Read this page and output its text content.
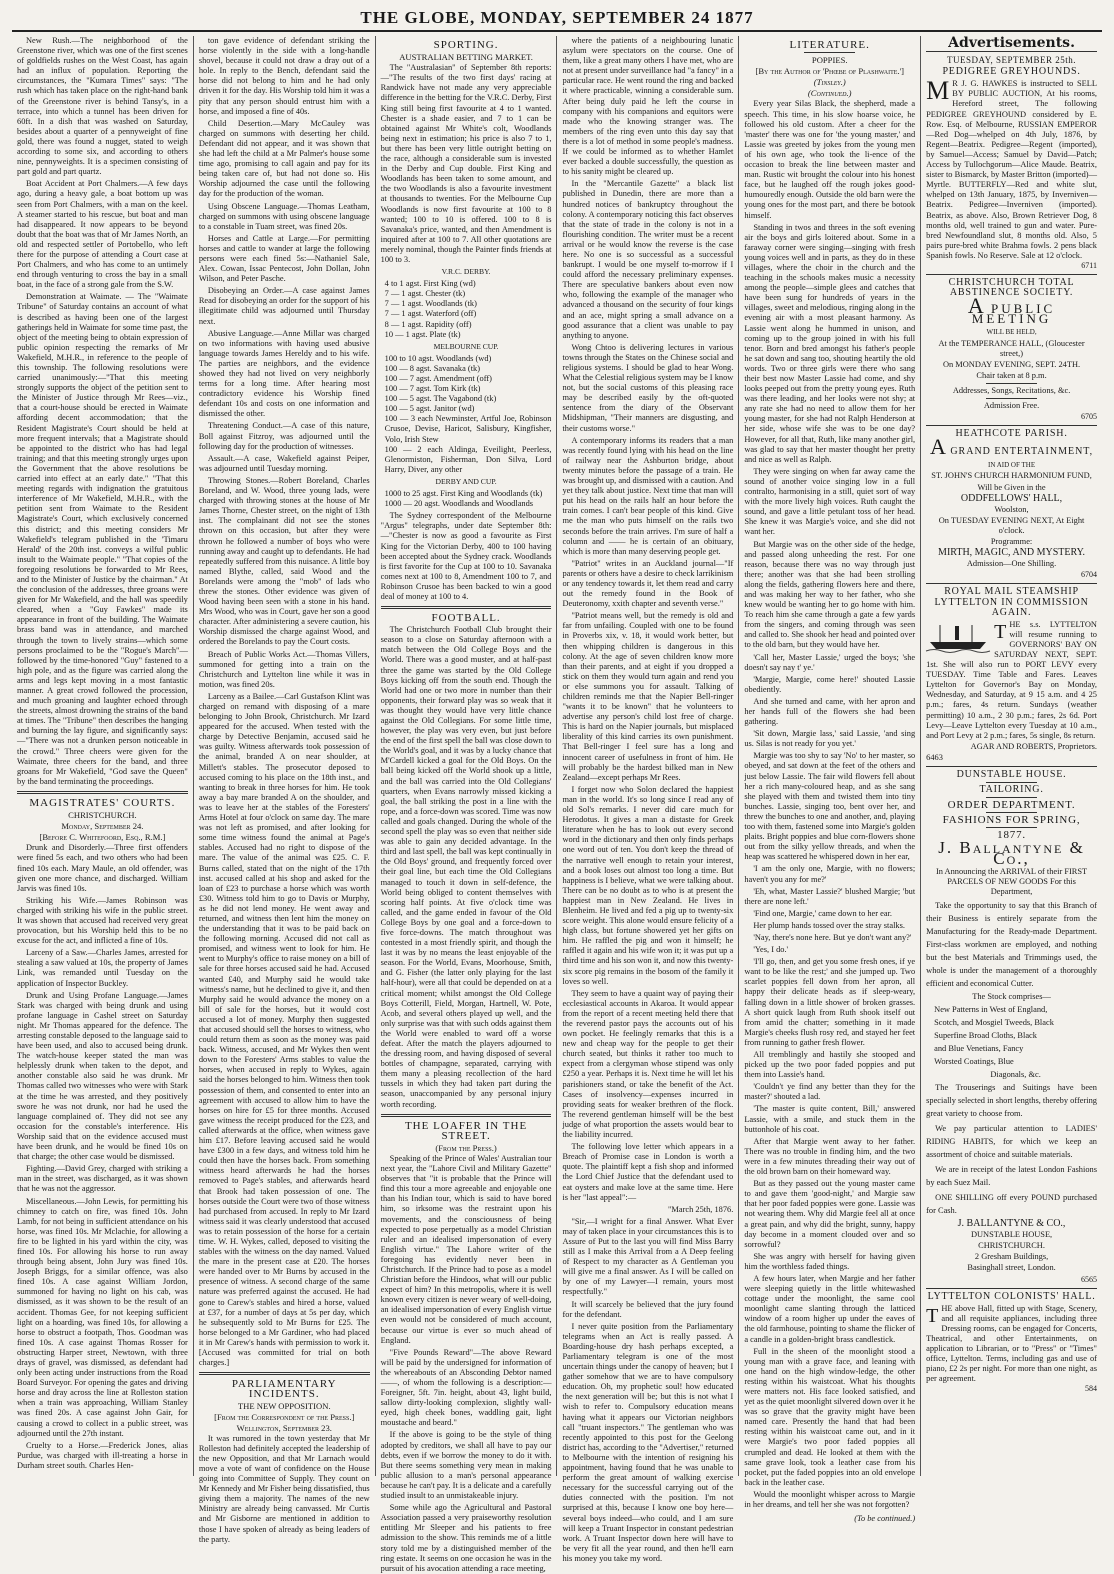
THE GLOBE, MONDAY, SEPTEMBER 24 1877

New Rush.—The neighborhood of the Greenstone river, which was one of the first scenes of goldfields rushes on the West Coast, has again had an influx of population. Reporting the circumstances, the "Kumara Times" says: "The rush which has taken place on the right-hand bank of the Greenstone river is behind Tansy's, in a terrace, into which a tunnel has been driven for 60ft. In a dish that was washed on Saturday, besides about a quarter of a pennyweight of fine gold, there was found a nugget, stated to weigh according to some six, and according to others nine, pennyweights. It is a specimen consisting of part gold and part quartz.

Boat Accident at Port Chalmers.—A few days ago, during a heavy gale, a boat bottom up was seen from Port Chalmers, with a man on the keel. A steamer started to his rescue, but boat and man had disappeared. It now appears to be beyond doubt that the boat was that of Mr James North, an old and respected settler of Portobello, who left there for the purpose of attending a Court case at Port Chalmers, and who has come to an untimely end through venturing to cross the bay in a small boat, in the face of a strong gale from the S.W.

Demonstration at Waimate. — The "Waimate Tribune" of Saturday contains an account of what is described as having been one of the largest gatherings held in Waimate for some time past, the object of the meeting being to obtain expression of public opinion respecting the remarks of Mr Wakefield, M.H.R., in reference to the people of this township. The following resolutions were carried unanimously:—"That this meeting strongly supports the object of the petition sent to the Minister of Justice through Mr Rees—viz., that a court-house should be erected in Waimate affording decent accommodation; that the Resident Magistrate's Court should be held at more frequent intervals; that a Magistrate should be appointed to the district who has had legal training; and that this meeting strongly urges upon the Government that the above resolutions be carried into effect at an early date." "That this meeting regards with indignation the gratuitous interference of Mr Wakefield, M.H.R., with the petition sent from Waimate to the Resident Magistrate's Court, which exclusively concerned this district; and this meeting considers Mr Wakefield's telegram published in the 'Timaru Herald' of the 20th inst. conveys a wilful public insult to the Waimate people." "That copies of the foregoing resolutions be forwarded to Mr Rees, and to the Minister of Justice by the chairman." At the conclusion of the addresses, three groans were given for Mr Wakefield, and the hall was speedily cleared, when a "Guy Fawkes" made its appearance in front of the building. The Waimate brass band was in attendance, and marched through the town to lively strains—which some persons proclaimed to be the "Rogue's March"—followed by the time-honored "Guy" fastened to a high pole, and as the figure was carried along the arms and legs kept moving in a most fantastic manner. A great crowd followed the procession, and much groaning and laughter echoed through the streets, almost drowning the strains of the band at times. The "Tribune" then describes the hanging and burning the lay figure, and significantly says:—"There was not a drunken person noticeable in the crowd." Three cheers were given for the Waimate, three cheers for the band, and three groans for Mr Wakefield, "God save the Queen" by the band terminating the proceedings.

MAGISTRATES' COURTS.
CHRISTCHURCH.
Monday, September 24.
[Before C. Whitefoord, Esq., R.M.]

Drunk and Disorderly.—Three first offenders were fined 5s each, and two others who had been fined 10s each. Mary Maule, an old offender, was given one more chance, and discharged. William Jarvis was fined 10s.

Striking his Wife.—James Robinson was charged with striking his wife in the public street. It was shown that accused had received very great provocation, but his Worship held this to be no excuse for the act, and inflicted a fine of 10s.

Larceny of a Saw.—Charles James, arrested for stealing a saw valued at 10s, the property of James Link, was remanded until Tuesday on the application of Inspector Buckley.

Drunk and Using Profane Language.—James Stark was charged with being drunk and using profane language in Cashel street on Saturday night. Mr Thomas appeared for the defence. The arresting constable deposed to the language said to have been used, and also to accused being drunk. The watch-house keeper stated the man was helplessly drunk when taken to the depot, and another constable also said he was drunk. Mr Thomas called two witnesses who were with Stark at the time he was arrested, and they positively swore he was not drunk, nor had he used the language complained of. They did not see any occasion for the constable's interference. His Worship said that on the evidence accused must have been drunk, and he would be fined 10s on that charge; the other case would be dismissed.

Fighting.—David Grey, charged with striking a man in the street, was discharged, as it was shown that he was not the aggressor.

Miscellaneous.—John Lewis, for permitting his chimney to catch on fire, was fined 10s. John Lamb, for not being in sufficient attendance on his horse, was fined 10s. Mr Mclachie, for allowing a fire to be lighted in his yard within the city, was fined 10s. For allowing his horse to run away through being absent, John Jury was fined 10s. Joseph Briggs, for a similar offence, was also fined 10s. A case against William Jordon, summoned for having no light on his cab, was dismissed, as it was shown to be the result of an accident. Thomas Gee, for not keeping sufficient light on a hoarding, was fined 10s, for allowing a horse to obstruct a footpath, Thos. Goodman was fined 10s. A case against Thomas Rosser for obstructing Harper street, Newtown, with three drays of gravel, was dismissed, as defendant had only been acting under instructions from the Road Board Surveyor. For opening the gates and driving horse and dray across the line at Rolleston station when a train was approaching, William Stanley was fined 20s. A case against John Gair, for causing a crowd to collect in a public street, was adjourned until the 27th instant.

Cruelty to a Horse.—Frederick Jones, alias Purdue, was charged with ill-treating a horse in Durham street south. Charles Hen-

ton gave evidence of defendant striking the horse violently in the side with a long-handle shovel, because it could not draw a dray out of a hole. In reply to the Bench, defendant said the horse did not belong to him and he had only driven it for the day. His Worship told him it was a pity that any person should entrust him with a horse, and imposed a fine of 40s.

Child Desertion.—Mary McCauley was charged on summons with deserting her child. Defendant did not appear, and it was shown that she had left the child at a Mr Palmer's house some time ago, promising to call again and pay for its being taken care of, but had not done so. His Worship adjourned the case until the following day for the production of the woman.

Using Obscene Language.—Thomas Leatham, charged on summons with using obscene language to a constable in Tuam street, was fined 20s.

Horses and Cattle at Large.—For permitting horses and cattle to wander at large the following persons were each fined 5s:—Nathaniel Sale, Alex. Cowan, Issac Pentecost, John Dollan, John Wilson, and Peter Pasche.

Disobeying an Order.—A case against James Read for disobeying an order for the support of his illegitimate child was adjourned until Thursday next.

Abusive Language.—Anne Millar was charged on two informations with having used abusive language towards James Hereldy and to his wife. The parties are neighbors, and the evidence showed they had not lived on very neighborly terms for a long time. After hearing most contradictory evidence his Worship fined defendant 10s and costs on one information and dismissed the other.

Threatening Conduct.—A case of this nature, Boll against Fitzroy, was adjourned until the following day for the production of witnesses.

Assault.—A case, Wakefield against Peiper, was adjourned until Tuesday morning.

Throwing Stones.—Robert Boreland, Charles Boreland, and W. Wood, three young lads, were charged with throwing stones at the house of Mr James Thorne, Chester street, on the night of 13th inst. The complainant did not see the stones thrown on this occasion, but after they were thrown he followed a number of boys who were running away and caught up to defendants. He had repeatedly suffered from this nuisance. A little boy named Blythe, called, said Wood and the Borelands were among the "mob" of lads who threw the stones. Other evidence was given of Wood having been seen with a stone in his hand. Mrs Wood, who was in Court, gave her son a good character. After administering a severe caution, his Worship dismissed the charge against Wood, and ordered the Borelands to pay the Court costs.

Breach of Public Works Act.—Thomas Villers, summoned for getting into a train on the Christchurch and Lyttelton line while it was in motion, was fined 20s.

Larceny as a Bailee.—Carl Gustafson Klint was charged on remand with disposing of a mare belonging to John Brook, Christchurch. Mr Izard appeared for the accused. When tested with the charge by Detective Benjamin, accused said he was guilty. Witness afterwards took possession of the animal, branded A on near shoulder, at Millett's stables. The prosecutor deposed to accused coming to his place on the 18th inst., and wanting to break in three horses for him. He took away a bay mare branded A on the shoulder, and was to leave her at the stables of the Foresters' Arms Hotel at four o'clock on same day. The mare was not left as promised, and after looking for some time witness found the animal at Page's stables. Accused had no right to dispose of the mare. The value of the animal was £25. C. F. Burns called, stated that on the night of the 17th inst. accused called at his shop and asked for the loan of £23 to purchase a horse which was worth £30. Witness told him to go to Davis or Murphy, as he did not lend money. He went away and returned, and witness then lent him the money on the understanding that it was to be paid back on the following morning. Accused did not call as promised, and witness went to look for him. He went to Murphy's office to raise money on a bill of sale for three horses accused said he had. Accused wanted £40, and Murphy said he would take witness's name, but he declined to give it, and then Murphy said he would advance the money on a bill of sale for the horses, but it would cost accused a lot of money. Murphy then suggested that accused should sell the horses to witness, who could return them as soon as the money was paid back. Witness, accused, and Mr Wykes then went down to the Foresters' Arms stables to value the horses, when accused in reply to Wykes, again said the horses belonged to him. Witness then took possession of them, and consented to enter into an agreement with accused to allow him to have the horses on hire for £5 for three months. Accused gave witness the receipt produced for the £23, and called afterwards at the office, when witness gave him £17. Before leaving accused said he would have £300 in a few days, and witness told him he could then have the horses back. From something witness heard afterwards he had the horses removed to Page's stables, and afterwards heard that Brook had taken possession of one. The horses outside the Court were two of those witness had purchased from accused. In reply to Mr Izard witness said it was clearly understood that accused was to retain possession of the horse for a certain time. W. H. Wykes, called, deposed to visiting the stables with the witness on the day named. Valued the mare in the present case at £20. The horses were handed over to Mr Burns by accused in the presence of witness. A second charge of the same nature was preferred against the accused. He had gone to Carew's stables and hired a horse, valued at £37, for a number of days at 5s per day, which he subsequently sold to Mr Burns for £25. The horse belonged to a Mr Gardiner, who had placed it in Mr Carew's hands with permission to work it. [Accused was committed for trial on both charges.]

PARLIAMENTARY INCIDENTS.
THE NEW OPPOSITION.
[From the Correspondent of the Press.] Wellington, September 23.

It was rumored in the town yesterday that Mr Rolleston had definitely accepted the leadership of the new Opposition, and that Mr Larnach would move a vote of want of confidence on the House going into Committee of Supply. They count on Mr Kennedy and Mr Fisher being dissatisfied, thus giving them a majority. The names of the new Ministry are already being canvassed. Mr Curtis and Mr Gisborne are mentioned in addition to those I have spoken of already as being leaders of the party.

SPORTING.
AUSTRALIAN BETTING MARKET.

The "Australasian" of September 8th reports:—"The results of the two first days' racing at Randwick have not made any very appreciable difference in the betting for the V.R.C. Derby, First King still being first favourite at 4 to 1 wanted. Chester is a shade easier, and 7 to 1 can be obtained against Mr White's colt, Woodlands being next in estimation; his price is also 7 to 1, but there has been very little outright betting on the race, although a considerable sum is invested in the Derby and Cup double. First King and Woodlands has been taken to some amount, and the two Woodlands is also a favourite investment at thousands to twenties. For the Melbourne Cup Woodlands is now first favourite at 100 to 8 wanted; 100 to 10 is offered. 100 to 8 is Savanaka's price, wanted, and then Amendment is inquired after at 100 to 7. All other quotations are merely nominal, though the Painter finds friends at 100 to 3.

V.R.C. DERBY.
4 to 1 agst. First King (wd)
7 — 1 agst. Chester (tk)
7 — 1 agst. Woodlands (tk)
7 — 1 agst. Waterford (off)
8 — 1 agst. Rapidity (off)
10 — 1 agst. Plate (tk)
MELBOURNE CUP.
100 to 10 agst. Woodlands (wd)
100 — 8 agst. Savanaka (tk)
100 — 7 agst. Amendment (off)
100 — 7 agst. Tom Kirk (tk)
100 — 5 agst. The Vagabond (tk)
100 — 5 agst. Janitor (wd)
100 — 3 each Newminster, Artful Joe, Robinson Crusoe, Devise, Haricot, Salisbury, Kingfisher, Volo, Irish Stew
100 — 2 each Aldinga, Eveilight, Peerless, Glenormiston, Fisherman, Don Silva, Lord Harry, Diver, any other
DERBY AND CUP.
1000 to 25 agst. First King and Woodlands (tk)
1000 — 20 agst. Woodlands and Woodlands

The Sydney correspondent of the Melbourne "Argus" telegraphs, under date September 8th:—"Chester is now as good a favourite as First King for the Victorian Derby, 400 to 100 having been accepted about the Sydney crack. Woodlands is first favorite for the Cup at 100 to 10. Savanaka comes next at 100 to 8, Amendment 100 to 7, and Robinson Crusoe has been backed to win a good deal of money at 100 to 4.

FOOTBALL.

The Christchurch Football Club brought their season to a close on Saturday afternoon with a match between the Old College Boys and the World. There was a good muster, and at half-past three the game was started by the Old College Boys kicking off from the south end. Though the World had one or two more in number than their opponents, their forward play was so weak that it was thought they would have very little chance against the Old Collegians. For some little time, however, the play was very even, but just before the end of the first spell the ball was close down to the World's goal, and it was by a lucky chance that M'Cardell kicked a goal for the Old Boys. On the ball being kicked off the World shook up a little, and the ball was carried into the Old Collegians' quarters, when Evans narrowly missed kicking a goal, the ball striking the post in a line with the rope, and a force-down was scored. Time was now called and goals changed. During the whole of the second spell the play was so even that neither side was able to gain any decided advantage. In the third and last spell, the ball was kept continually in the Old Boys' ground, and frequently forced over their goal line, but each time the Old Collegians managed to touch it down in self-defence, the World being obliged to content themselves with scoring half points. At five o'clock time was called, and the game ended in favour of the Old College Boys by one goal and a force-down to five force-downs. The match throughout was contested in a most friendly spirit, and though the last it was by no means the least enjoyable of the season. For the World, Evans, Moorhouse, Smith, and G. Fisher (the latter only playing for the last half-hour), were all that could be depended on at a critical moment; whilst amongst the Old College Boys Cotterill, Field, Morgan, Hartnell, W. Pote, Acob, and several others played up well, and the only surprise was that with such odds against them the World were enabled to ward off a worse defeat. After the match the players adjourned to the dressing room, and having disposed of several bottles of champagne, separated, carrying with them many a pleasing recollection of the hard tussels in which they had taken part during the season, unaccompanied by any personal injury worth recording.

THE LOAFER IN THE STREET.
(From the Press.)

Speaking of the Prince of Wales' Australian tour next year, the "Lahore Civil and Military Gazette" observes that "it is probable that the Prince will find this tour a more agreeable and enjoyable one than his Indian tour, which is said to have bored him, so irksome was the restraint upon his movements, and the consciousness of being expected to pose perpetually as a model Christian ruler and an idealised impersonation of every English virtue." The Lahore writer of the foregoing has evidently never been in Christchurch. If the Prince had to pose as a model Christian before the Hindoos, what will our public expect of him? In this metropolis, where it is well known every citizen is never weary of well-doing, an idealised impersonation of every English virtue even would not be considered of much account, because our virtue is ever so much ahead of England.

"Five Pounds Reward"—The above Reward will be paid by the undersigned for information of the whereabouts of an Absconding Debtor named ——, of whom the following is a description:—Foreigner, 5ft. 7in. height, about 43, light build, sallow dirty-looking complexion, slightly wall-eyed, high cheek bones, waddling gait, light moustache and beard."

If the above is going to be the style of thing adopted by creditors, we shall all have to pay our debts, even if we borrow the money to do it with. But there seems something very mean in making public allusion to a man's personal appearance because he can't pay. It is a delicate and a carefully studied insult to an unmistakeable injury.

Some while ago the Agricultural and Pastoral Association passed a very praiseworthy resolution entitling Mr Sleeper and his patients to free admission to the show. This reminds me of a little story told me by a distinguished member of the ring estate. It seems on one occasion he was in the pursuit of his avocation attending a race meeting,

where the patients of a neighbouring lunatic asylum were spectators on the course. One of them, like a great many others I have met, who are not at present under surveillance had "a fancy" in a particular race. He went round the ring and backed it where practicable, winning a considerable sum. After being duly paid he left the course in company with his companions and equitors were made who the knowing stranger was. The members of the ring even unto this day say that there is a lot of method in some people's madness. If we could be informed as to whether Hamlet ever backed a double successfully, the question as to his sanity might be cleared up.

In the "Mercantile Gazette" a black list published in Dunedin, there are more than a hundred notices of bankruptcy throughout the colony. A contemporary noticing this fact observes that the state of trade in the colony is not in a flourishing condition. The writer must be a recent arrival or he would know the reverse is the case here. No one is so successful as a successful bankrupt. I would be one myself to-morrow if I could afford the necessary preliminary expenses. There are speculative bankers about even now who, following the example of the manager who advanced a thousand on the security of four kings and an ace, might spring a small advance on a good assurance that a client was unable to pay anything to anyone.

Wong Chtoo is delivering lectures in various towns through the States on the Chinese social and religious systems. I should be glad to hear Wong. What the Celestial religious system may be I know not, but the social customs of this pleasing race may be described easily by the oft-quoted sentence from the diary of the Observant Midshipman, "Their manners are disgusting, and their customs worse."

A contemporary informs its readers that a man was recently found lying with his head on the line of railway near the Ashburton bridge, about twenty minutes before the passage of a train. He was brought up, and dismissed with a caution. And yet they talk about justice. Next time that man will put his head on the rails half an hour before the train comes. I can't bear people of this kind. Give me the man who puts himself on the rails two seconds before the train arrives. I'm sure of half a column and —— he is certain of an obituary, which is more than many deserving people get.

"Patriot" writes in an Auckland journal—"If parents or others have a desire to check larrikinism or any tendency towards it, let them read and carry out the remedy found in the Book of Deuteronomy, xxith chapter and seventh verse."

"Patriot means well, but the remedy is old and far from unfailing. Coupled with one to be found in Proverbs xix, v. 18, it would work better, but then whipping children is dangerous in this colony. At the age of seven children know more than their parents, and at eight if you dropped a stick on them they would turn again and rend you or else summons you for assault. Talking of children reminds me that the Napier Bell-ringer "wants it to be known" that he volunteers to advertise any person's child lost free of charge. This is hard on the Napier journals, but misplaced liberality of this kind carries its own punishment. That Bell-ringer I feel sure has a long and innocent career of usefulness in front of him. He will probably be the hardest bilked man in New Zealand—except perhaps Mr Rees.

I forget now who Solon declared the happiest man in the world. It's so long since I read any of old Sol's remarks. I never did care much for Herodotus. It gives a man a distaste for Greek literature when he has to look out every second word in the dictionary and then only finds perhaps one word out of ten. You don't keep the thread of the narrative well enough to retain your interest, and a book loses out almost too long a time. But happiness is I believe, what we were talking about. There can be no doubt as to who is at present the happiest man in New Zealand. He lives in Blenheim. He lived and fed a pig up to twenty-six score weight. This alone would ensure felicity of a high class, but fortune showered yet her gifts on him. He raffled the pig and won it himself; he raffled it again and his wife won it; it was put up a third time and his son won it, and now this twenty-six score pig remains in the bosom of the family it loves so well.

They seem to have a quaint way of paying their ecclesiastical accounts in Akaroa. It would appear from the report of a recent meeting held there that the reverend pastor pays the accounts out of his own pocket. He feelingly remarks that this is a new and cheap way for the people to get their church seated, but thinks it rather too much to expect from a clergyman whose stipend was only £250 a year. Perhaps it is. Next time he will let his parishioners stand, or take the benefit of the Act. Cases of insolvency—expenses incurred in providing seats for weaker brethren of the flock. The reverend gentleman himself will be the best judge of what proportion the assets would bear to the liability incurred.

The following love letter which appears in a Breach of Promise case in London is worth a quote. The plaintiff kept a fish shop and informed the Lord Chief Justice that the defendant used to eat oysters and make love at the same time. Here is her "last appeal":—

"March 25th, 1876.

"Sir,—I wright for a final Answer. What Ever may of taken place in your circumstances this is to Assure of Put to the last you will find Miss Barry still as I make this Arrival from a A Deep feeling of Respect to my character as A Gentleman you will give me a final answer. As I will be called on by one of my Lawyer—I remain, yours most respectfully."

It will scarcely be believed that the jury found for the defendant.

I never quite position from the Parliamentary telegrams when an Act is really passed. A Boarding-house dry hash perhaps excepted, a Parliamentary telegram is one of the most uncertain things under the canopy of heaven; but I gather somehow that we are to have compulsory education. Oh, my prophetic soul! how educated the next generation will be; but this is not what I wish to refer to. Compulsory education means having what it appears our Victorian neighbors call "truant inspectors." The gentleman who was recently appointed to this post for the Geelong district has, according to the "Advertiser," returned to Melbourne with the intention of resigning his appointment, having found that he was unable to perform the great amount of walking exercise necessary for the successful carrying out of the duties connected with the position. I'm not surprised at this, because I know one boy here—several boys indeed—who could, and I am sure will keep a Truant Inspector in constant pedestrian work. A Truant Inspector down here will have to be very fit all the year round, and then he'll earn his money you take my word.

LITERATURE.
POPPIES.
[By the Author of 'Phœbe of Plashwaite.']
(Tinsley.)
(Continued.)

Every year Silas Black, the shepherd, made a speech. This time, in his slow hoarse voice, he followed his old custom. After a cheer for the 'master' there was one for 'the young master,' and Lassie was greeted by jokes from the young men of his own age, who took the li-ence of the occasion to break the line between master and man. Rustic wit brought the colour into his honest face, but he laughed off the rough jokes good-humouredly enough. Outside the old barn were the young ones for the most part, and there be botook himself.

Standing in twos and threes in the soft evening air the boys and girls loitered about. Some in a faraway corner were singing—singing with fresh young voices well and in parts, as they do in these villages, where the choir in the church and the teaching in the schools makes music a necessity among the people—simple glees and catches that have been sung for hundreds of years in the villages, sweet and melodious, ringing along in the evening air with a most pleasant harmony. As Lassie went along he hummed in unison, and coming up to the group joined in with his full tenor. Born and bred amongst his father's people he sat down and sang too, shouting heartily the old words. Two or three girls were there who sang their best now Master Lassie had come, and shy looks peeped out from the pretty young eyes. Ruth was there leading, and her looks were not shy; at any rate she had no need to allow them for her young master, for she had not Ralph Henderson at her side, whose wife she was to be one day? However, for all that, Ruth, like many another girl, was glad to say that her master thought her pretty and nice as well as Ralph.

They were singing on when far away came the sound of another voice singing low in a full contralto, harmonising in a still, quiet sort of way with the more lively high voices. Ruth caught the sound, and gave a little petulant toss of her head. She knew it was Margie's voice, and she did not want her.

But Margie was on the other side of the hedge, and passed along unheeding the rest. For one reason, because there was no way through just there; another was that she had been strolling along the fields, gathering flowers here and there, and was making her way to her father, who she knew would be wanting her to go home with him. To reach him she came through a gate a few yards from the singers, and coming through was seen and called to. She shook her head and pointed over to the old barn, but they would have her.

'Call her, Master Lassie,' urged the boys; 'she doesn't say nay t' ye.'

'Margie, Margie, come here!' shouted Lassie obediently.

And she turned and came, with her apron and her hands full of the flowers she had been gathering.

'Sit down, Margie lass,' said Lassie, 'and sing us. Silas is not ready for you yet.'

Margie was too shy to say 'No' to her master, so obeyed, and sat down at the feet of the others and just below Lassie. The fair wild flowers fell about her a rich many-coloured heap, and as she sang she played with them and twisted them into tiny bunches. Lassie, singing too, bent over her, and threw the bunches to one and another, and, playing too with them, fastened some into Margie's golden plaits. Bright poppies and blue corn-flowers shone out from the silky yellow threads, and when the heap was scattered he whispered down in her ear,

'I am the only one, Margie, with no flowers; haven't you any for me?'

'Eh, what, Master Lassie?' blushed Margie; 'but there are none left.'

'Find one, Margie,' came down to her ear.

Her plump hands tossed over the stray stalks.

'Nay, there's none here. But ye don't want any?'

'Yes, I do.'

'I'll go, then, and get you some fresh ones, if ye want to be like the rest;' and she jumped up. Two scarlet poppies fell down from her apron, all happy their delicate heads as if sleep-weary, falling down in a little shower of broken grasses. A short quick laugh from Ruth shook itself out from amid the chatter; something in it made Margie's cheeks flush rosy red, and stayed her feet from running to gather fresh flower.

All tremblingly and hastily she stooped and picked up the two poor faded poppies and put them into Lassie's hand.

'Couldn't ye find any better than they for the master?' shouted a lad.

'The master is quite content, Bill,' answered Lassie, with a smile, and stuck them in the buttonhole of his coat.

After that Margie went away to her father. There was no trouble in finding him, and the two were in a few minutes threading their way out of the old brown barn on their homeward way.

But as they passed out the young master came to and gave them 'good-night,' and Margie saw that her poor faded poppies were gone. Lassie was not wearing them. Why did Margie feel all at once a great pain, and why did the bright, sunny, happy day become in a moment clouded over and so sorrowful?

She was angry with herself for having given him the worthless faded things.

A few hours later, when Margie and her father were sleeping quietly in the little whitewashed cottage under the moonlight, the same cool moonlight came slanting through the latticed window of a room higher up under the eaves of the old farmhouse, pointing to shame the flicker of a candle in a golden-bright brass candlestick.

Full in the sheen of the moonlight stood a young man with a grave face, and leaning with one hand on the high window-ledge, the other resting within his waistcoat. What his thoughts were matters not. His face looked satisfied, and yet as the quiet moonlight silvered down over it he was so grave that the gravity might have been named care. Presently the hand that had been resting within his waistcoat came out, and in it were Margie's two poor faded poppies all crumpled and dead. He looked at them with the same grave look, took a leather case from his pocket, put the faded poppies into an old envelope back in the leather case.

Would the moonlight whisper across to Margie in her dreams, and tell her she was not forgotten?

(To be continued.)
Advertisements.
TUESDAY, SEPTEMBER 25th.
PEDIGREE GREYHOUNDS.
M R J. G. HAWKES is instructed to SELL BY PUBLIC AUCTION, At his rooms, Hereford street, The following PEDIGREE GREYHOUND considered by E. Row. Esq. of Melbourne, RUSSIAN EMPEROR—Red Dog—whelped on 4th July, 1876, by Regent—Beatrix. Pedigree—Regent (imported), by Samuel—Access; Samuel by David—Patch; Access by Tullochgorum—Alice Maude. Beatrix, sister to Bismarck, by Master Britton (imported)—Myrtle. BUTTERFLY—Red and white slut, whelped on 13th January, 1875, by Inverniven—Beatrix. Pedigree—Inverniven (imported). Beatrix, as above. Also, Brown Retriever Dog, 8 months old, well trained to gun and water. Pure-bred Newfoundland slut, 8 months old. Also, 5 pairs pure-bred white Brahma fowls. 2 pens black Spanish fowls. No Reserve. Sale at 12 o'clock.
6711
CHRISTCHURCH TOTAL ABSTINENCE SOCIETY.
A PUBLIC MEETING
WILL BE HELD,
At the TEMPERANCE HALL, (Gloucester street,)
On MONDAY EVENING, SEPT. 24TH.
Chair taken at 8 p.m.
Addresses, Songs, Recitations, &c.
Admission Free.
6705
HEATHCOTE PARISH.
A GRAND ENTERTAINMENT,
IN AID OF THE
ST. JOHN'S CHURCH HARMONIUM FUND,
Will be Given in the
ODDFELLOWS' HALL,
Woolston,
On TUESDAY EVENING NEXT, At Eight o'clock.
Programme:
MIRTH, MAGIC, AND MYSTERY.
Admission—One Shilling.
6704
ROYAL MAIL STEAMSHIP LYTTELTON IN COMMISSION AGAIN.
T HE s.s. LYTTELTON will resume running to GOVERNORS' BAY ON SATURDAY NEXT, SEPT. 1st. She will also run to PORT LEVY every TUESDAY. Time Table and Fares. Leaves Lyttelton for Governor's Bay on Monday, Wednesday, and Saturday, at 9 15 a.m. and 4 25 p.m.; fares, 4s return. Sundays (weather permitting) 10 a.m., 2 30 p.m.; fares, 2s 6d. Port Levy—Leave Lyttelton every Tuesday at 10 a.m., and Port Levy at 2 p.m.; fares, 5s single, 8s return.
AGAR AND ROBERTS, Proprietors.
6463
DUNSTABLE HOUSE.
TAILORING.
ORDER DEPARTMENT.
FASHIONS FOR SPRING,
1877.
J. Ballantyne & Co.,

In Announcing the ARRIVAL of their FIRST PARCELS OF NEW GOODS For this Department,

Take the opportunity to say that this Branch of their Business is entirely separate from the Manufacturing for the Ready-made Department. First-class workmen are employed, and nothing but the best Materials and Trimmings used, the whole is under the management of a thoroughly efficient and economical Cutter.

The Stock comprises—
New Patterns in West of England,
Scotch, and Mosgiel Tweeds, Black
Superfine Broad Cloths, Black
and Blue Venetians, Fancy
Worsted Coatings, Blue
Diagonals, &c.

The Trouserings and Suitings have been specially selected in short lengths, thereby offering great variety to choose from.

We pay particular attention to LADIES' RIDING HABITS, for which we keep an assortment of choice and suitable materials.

We are in receipt of the latest London Fashions by each Suez Mail.

ONE SHILLING off every POUND purchased for Cash.

J. BALLANTYNE & CO.,
DUNSTABLE HOUSE,
CHRISTCHURCH.
2 Gresham Buildings,
Basinghall street, London.
6565
LYTTELTON COLONISTS' HALL.
T HE above Hall, fitted up with Stage, Scenery, and all requisite appliances, including three Dressing rooms, can be engaged for Concerts, Theatrical, and other Entertainments, on application to Librarian, or to "Press" or "Times" office, Lyttelton. Terms, including gas and use of piano, £2 2s per night. For more than one night, as per agreement.
584
